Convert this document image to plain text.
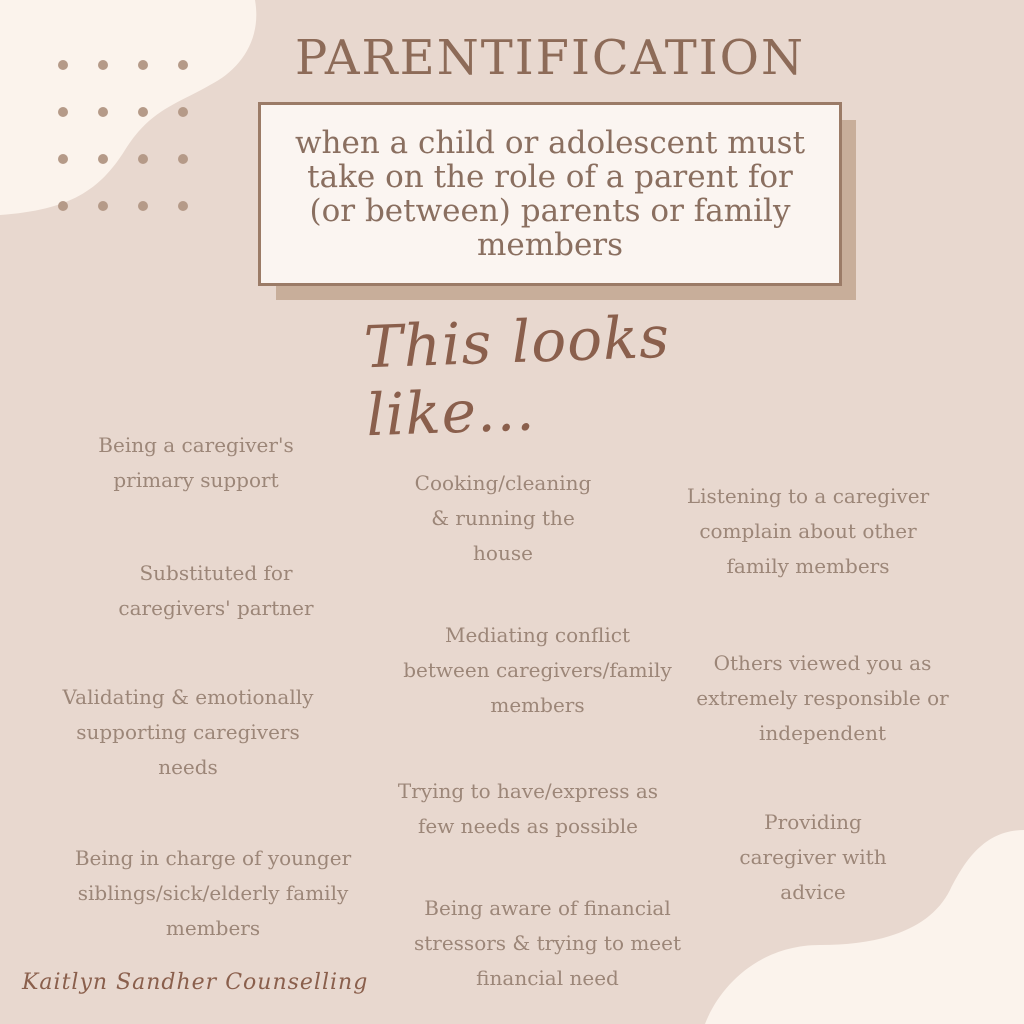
PARENTIFICATION
when a child or adolescent must take on the role of a parent for (or between) parents or family members
This looks like...
Being a caregiver's primary support
Substituted for caregivers' partner
Validating & emotionally supporting caregivers needs
Being in charge of younger siblings/sick/elderly family members
Cooking/cleaning & running the house
Mediating conflict between caregivers/family members
Trying to have/express as few needs as possible
Being aware of financial stressors & trying to meet financial need
Listening to a caregiver complain about other family members
Others viewed you as extremely responsible or independent
Providing caregiver with advice
Kaitlyn Sandher Counselling
